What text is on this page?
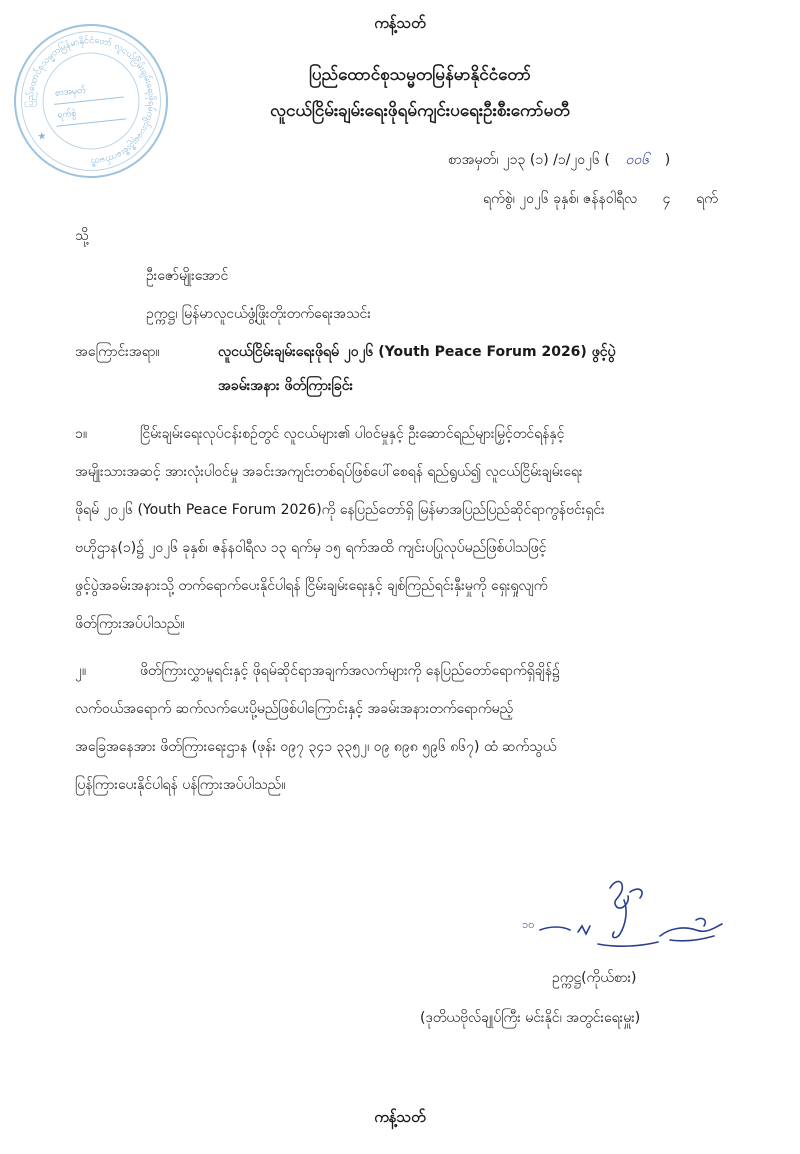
ပြည်ထောင်စုသမ္မတမြန်မာနိုင်ငံတော် လူငယ်ငြိမ်းချမ်းရေးဖိုရမ်ကျင်းပရေးဦးစီးကော်မတီ
★
စာအမှတ်
ရက်စွဲ
ကန့်သတ်
ပြည်ထောင်စုသမ္မတမြန်မာနိုင်ငံတော်
လူငယ်ငြိမ်းချမ်းရေးဖိုရမ်ကျင်းပရေးဦးစီးကော်မတီ
စာအမှတ်၊ ၂၁၃ (၁) /၁/၂၀၂၆ ( ၀၀၆ )
ရက်စွဲ၊ ၂၀၂၆ ခုနှစ်၊ ဇန်နဝါရီလ ၄ ရက်
သို့
ဦးဇော်မျိုးအောင်
ဥက္ကဋ္ဌ၊ မြန်မာလူငယ်ဖွံ့ဖြိုးတိုးတက်ရေးအသင်း
အကြောင်းအရာ။	လူငယ်ငြိမ်းချမ်းရေးဖိုရမ် ၂၀၂၆ (Youth Peace Forum 2026) ဖွင့်ပွဲ
အခမ်းအနား ဖိတ်ကြားခြင်း
၁။	ငြိမ်းချမ်းရေးလုပ်ငန်းစဉ်တွင် လူငယ်များ၏ ပါဝင်မှုနှင့် ဦးဆောင်ရည်များမြှင့်တင်ရန်နှင့်
အမျိုးသားအဆင့် အားလုံးပါဝင်မှု အခင်းအကျင်းတစ်ရပ်ဖြစ်ပေါ်စေရန် ရည်ရွယ်၍ လူငယ်ငြိမ်းချမ်းရေး
ဖိုရမ် ၂၀၂၆ (Youth Peace Forum 2026)ကို နေပြည်တော်ရှိ မြန်မာအပြည်ပြည်ဆိုင်ရာကွန်ဗင်းရှင်း
ဗဟိုဌာန(၁)၌ ၂၀၂၆ ခုနှစ်၊ ဇန်နဝါရီလ ၁၃ ရက်မှ ၁၅ ရက်အထိ ကျင်းပပြုလုပ်မည်ဖြစ်ပါသဖြင့်
ဖွင့်ပွဲအခမ်းအနားသို့ တက်ရောက်ပေးနိုင်ပါရန် ငြိမ်းချမ်းရေးနှင့် ချစ်ကြည်ရင်းနှီးမှုကို ရှေးရှုလျက်
ဖိတ်ကြားအပ်ပါသည်။
၂။	ဖိတ်ကြားလွှာမူရင်းနှင့် ဖိုရမ်ဆိုင်ရာအချက်အလက်များကို နေပြည်တော်ရောက်ရှိချိန်၌
လက်ဝယ်အရောက် ဆက်လက်ပေးပို့မည်ဖြစ်ပါကြောင်းနှင့် အခမ်းအနားတက်ရောက်မည့်
အခြေအနေအား ဖိတ်ကြားရေးဌာန (ဖုန်း ၀၉၇ ၃၄၁ ၃၃၅၂၊ ၀၉ ၈၉၈ ၅၉၆ ၈၆၇) ထံ ဆက်သွယ်
ပြန်ကြားပေးနိုင်ပါရန် ပန်ကြားအပ်ပါသည်။
၁၀
ဥက္ကဋ္ဌ(ကိုယ်စား)
(ဒုတိယဗိုလ်ချုပ်ကြီး မင်းနိုင်၊ အတွင်းရေးမှူး)
ကန့်သတ်
